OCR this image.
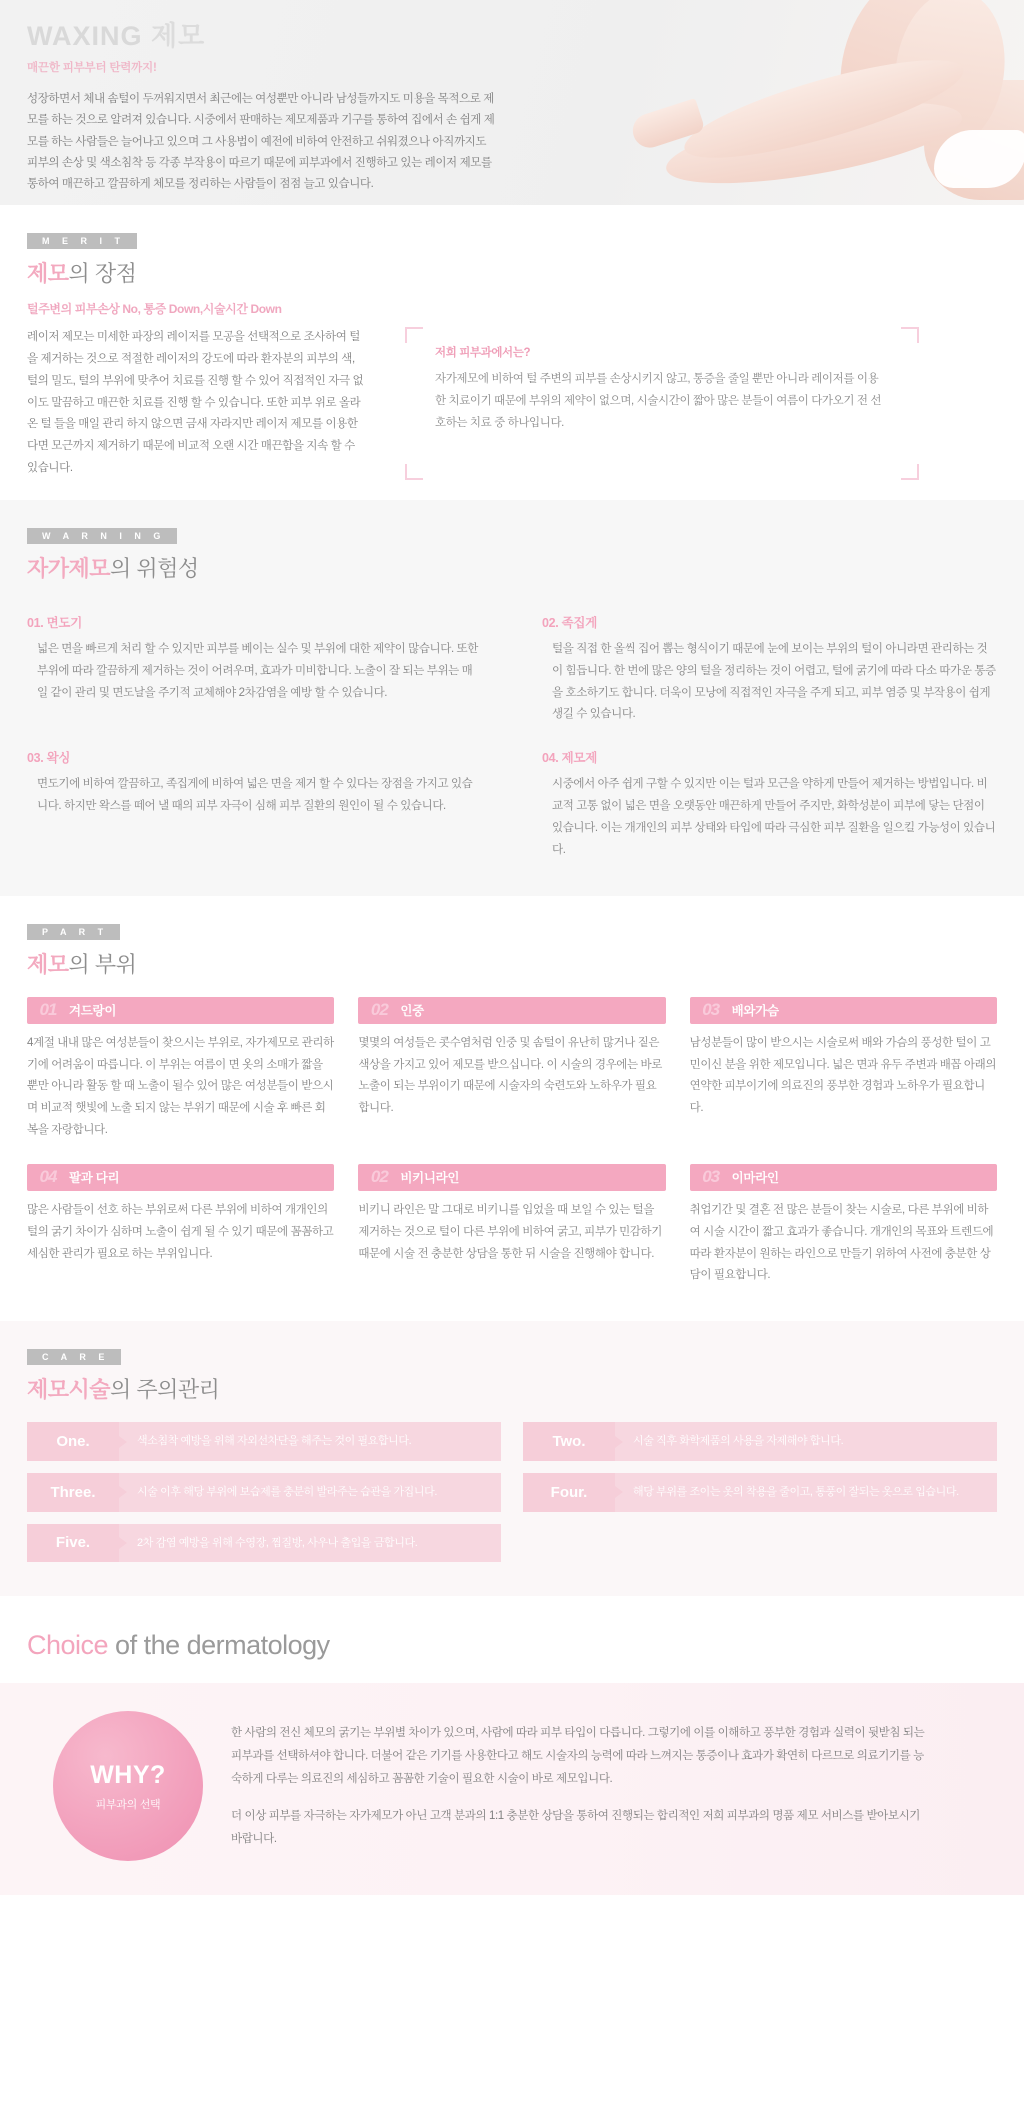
WAXING 제모
매끈한 피부부터 탄력까지!
성장하면서 체내 솜털이 두꺼워지면서 최근에는 여성뿐만 아니라 남성들까지도 미용을 목적으로 제모를 하는 것으로 알려져 있습니다. 시중에서 판매하는 제모제품과 기구를 통하여 집에서 손 쉽게 제모를 하는 사람들은 늘어나고 있으며 그 사용법이 예전에 비하여 안전하고 쉬워졌으나 아직까지도 피부의 손상 및 색소침착 등 각종 부작용이 따르기 때문에 피부과에서 진행하고 있는 레이저 제모를 통하여 매끈하고 깔끔하게 체모를 정리하는 사람들이 점점 늘고 있습니다.
M E R I T
제모의 장점
털주변의 피부손상 No, 통증 Down,시술시간 Down
레이저 제모는 미세한 파장의 레이저를 모공을 선택적으로 조사하여 털을 제거하는 것으로 적절한 레이저의 강도에 따라 환자분의 피부의 색, 털의 밀도, 털의 부위에 맞추어 치료를 진행 할 수 있어 직접적인 자극 없이도 말끔하고 매끈한 치료를 진행 할 수 있습니다. 또한 피부 위로 올라 온 털 들을 매일 관리 하지 않으면 금새 자라지만 레이저 제모를 이용한다면 모근까지 제거하기 때문에 비교적 오랜 시간 매끈함을 지속 할 수 있습니다.
저희 피부과에서는?
자가제모에 비하여 털 주변의 피부를 손상시키지 않고, 통증을 줄일 뿐만 아니라 레이저를 이용한 치료이기 때문에 부위의 제약이 없으며, 시술시간이 짧아 많은 분들이 여름이 다가오기 전 선호하는 치료 중 하나입니다.
W A R N I N G
자가제모의 위험성
01. 면도기
넓은 면을 빠르게 처리 할 수 있지만 피부를 베이는 실수 및 부위에 대한 제약이 많습니다. 또한 부위에 따라 깔끔하게 제거하는 것이 어려우며, 효과가 미비합니다. 노출이 잘 되는 부위는 매일 같이 관리 및 면도날을 주기적 교체해야 2차감염을 예방 할 수 있습니다.
02. 족집게
털을 직접 한 올씩 집어 뽑는 형식이기 때문에 눈에 보이는 부위의 털이 아니라면 관리하는 것이 힘듭니다. 한 번에 많은 양의 털을 정리하는 것이 어렵고, 털에 굵기에 따라 다소 따가운 통증을 호소하기도 합니다. 더욱이 모낭에 직접적인 자극을 주게 되고, 피부 염증 및 부작용이 쉽게 생길 수 있습니다.
03. 왁싱
면도기에 비하여 깔끔하고, 족집게에 비하여 넓은 면을 제거 할 수 있다는 장점을 가지고 있습니다. 하지만 왁스를 떼어 낼 때의 피부 자극이 심해 피부 질환의 원인이 될 수 있습니다.
04. 제모제
시중에서 아주 쉽게 구할 수 있지만 이는 털과 모근을 약하게 만들어 제거하는 방법입니다. 비교적 고통 없이 넓은 면을 오랫동안 매끈하게 만들어 주지만, 화학성분이 피부에 닿는 단점이 있습니다. 이는 개개인의 피부 상태와 타입에 따라 극심한 피부 질환을 일으킬 가능성이 있습니다.
P A R T
제모의 부위
01	겨드랑이
4계절 내내 많은 여성분들이 찾으시는 부위로, 자가제모로 관리하기에 어려움이 따릅니다. 이 부위는 여름이 면 옷의 소매가 짧을 뿐만 아니라 활동 할 때 노출이 될수 있어 많은 여성분들이 받으시며 비교적 햇빛에 노출 되지 않는 부위기 때문에 시술 후 빠른 회복을 자랑합니다.
02	인중
몇몇의 여성들은 콧수염처럼 인중 및 솜털이 유난히 많거나 짙은 색상을 가지고 있어 제모를 받으십니다. 이 시술의 경우에는 바로 노출이 되는 부위이기 때문에 시술자의 숙련도와 노하우가 필요합니다.
03	배와가슴
남성분들이 많이 받으시는 시술로써 배와 가슴의 풍성한 털이 고민이신 분을 위한 제모입니다. 넓은 면과 유두 주변과 배꼽 아래의 연약한 피부이기에 의료진의 풍부한 경험과 노하우가 필요합니다.
04	팔과 다리
많은 사람들이 선호 하는 부위로써 다른 부위에 비하여 개개인의 털의 굵기 차이가 심하며 노출이 쉽게 될 수 있기 때문에 꼼꼼하고 세심한 관리가 필요로 하는 부위입니다.
02	비키니라인
비키니 라인은 말 그대로 비키니를 입었을 때 보일 수 있는 털을 제거하는 것으로 털이 다른 부위에 비하여 굵고, 피부가 민감하기 때문에 시술 전 충분한 상담을 통한 뒤 시술을 진행해야 합니다.
03	이마라인
취업기간 및 결혼 전 많은 분들이 찾는 시술로, 다른 부위에 비하여 시술 시간이 짧고 효과가 좋습니다. 개개인의 목표와 트렌드에 따라 환자분이 원하는 라인으로 만들기 위하여 사전에 충분한 상담이 필요합니다.
C A R E
제모시술의 주의관리
One.	색소침착 예방을 위해 자외선차단을 해주는 것이 필요합니다.	Two.	시술 직후 화학제품의 사용을 자제해야 합니다.
Three.	시술 이후 해당 부위에 보습제를 충분히 발라주는 습관을 가집니다.	Four.	해당 부위를 조이는 옷의 착용을 줄이고, 통풍이 잘되는 옷으로 입습니다.
Five.	2차 감염 예방을 위해 수영장, 찜질방, 사우나 출입을 금합니다.
Choice of the dermatology
WHY?
피부과의 선택

한 사람의 전신 체모의 굵기는 부위별 차이가 있으며, 사람에 따라 피부 타입이 다릅니다. 그렇기에 이를 이해하고 풍부한 경험과 실력이 뒷받침 되는 피부과를 선택하셔야 합니다. 더불어 같은 기기를 사용한다고 해도 시술자의 능력에 따라 느껴지는 통증이나 효과가 확연히 다르므로 의료기기를 능숙하게 다루는 의료진의 세심하고 꼼꼼한 기술이 필요한 시술이 바로 제모입니다.

더 이상 피부를 자극하는 자가제모가 아닌 고객 분과의 1:1 충분한 상담을 통하여 진행되는 합리적인 저희 피부과의 명품 제모 서비스를 받아보시기 바랍니다.
